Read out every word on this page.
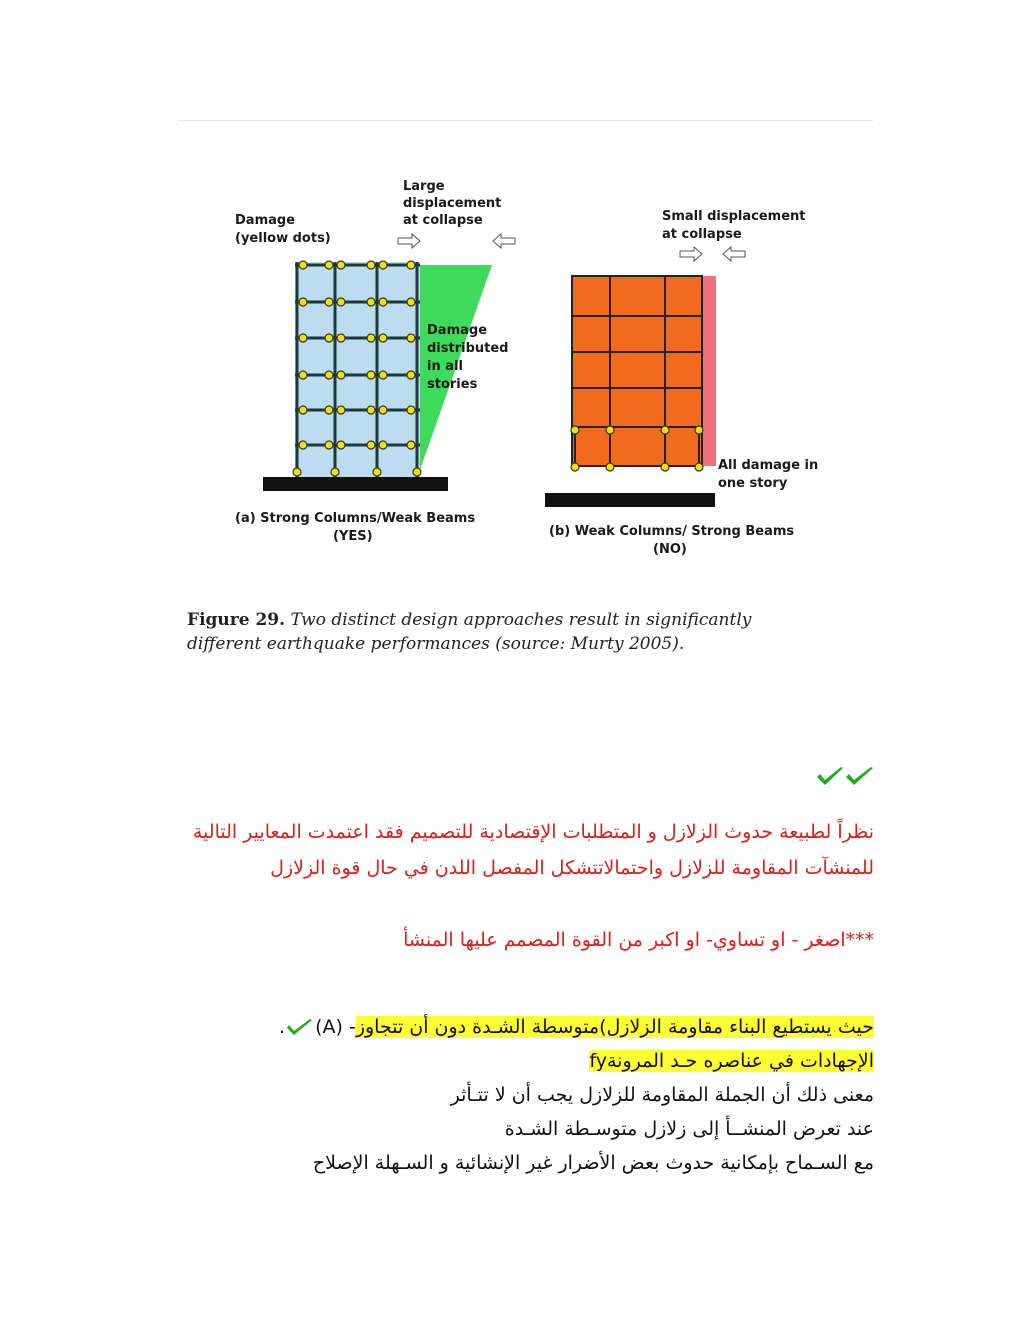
Damage
(yellow dots)
Large
displacement
at collapse
Damage
distributed
in all
stories
(a) Strong Columns/Weak Beams
(YES)
Small displacement
at collapse
All damage in
one story
(b) Weak Columns/ Strong Beams
(NO)
Figure 29. Two distinct design approaches result in significantly
different earthquake performances (source: Murty 2005).
نظراً لطبيعة حدوث الزلازل و المتطلبات الإقتصادية للتصميم فقد اعتمدت المعايير التالية للمنشآت المقاومة للزلازل واحتمالاتتشكل المفصل اللدن في حال قوة الزلازل
***اصغر - او تساوي- او اكبر من القوة المصمم عليها المنشأ
حيث يستطيع البناء مقاومة الزلازل)متوسطة الشـدة دون أن تتجاوز- (A).
الإجهادات في عناصره حـد المرونةfy
معنى ذلك أن الجملة المقاومة للزلازل يجب أن لا تتـأثر
عند تعرض المنشــأ إلى زلازل متوسـطة الشـدة
مع السـماح بإمكانية حدوث بعض الأضرار غير الإنشائية و السـهلة الإصلاح
